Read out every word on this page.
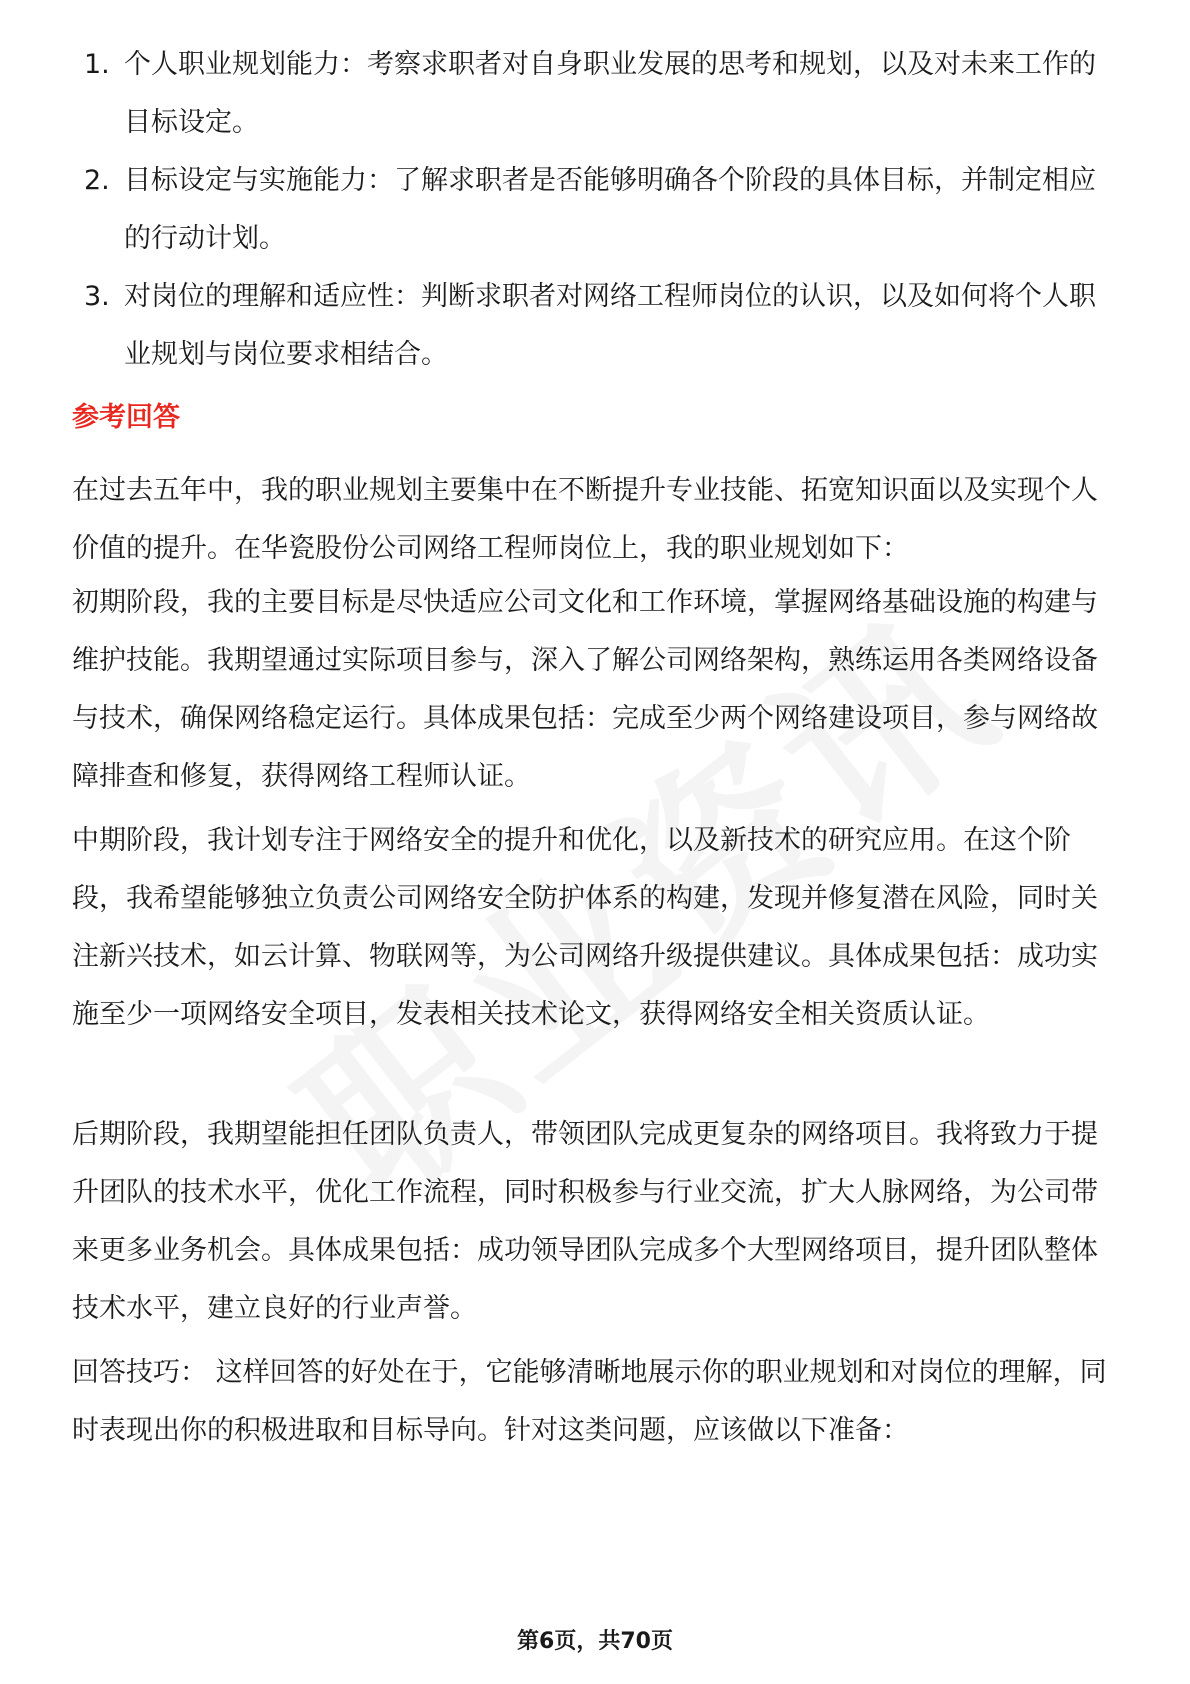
1. 个人职业规划能力：考察求职者对自身职业发展的思考和规划，以及对未来工作的目标设定。
2. 目标设定与实施能力：了解求职者是否能够明确各个阶段的具体目标，并制定相应的行动计划。
3. 对岗位的理解和适应性：判断求职者对网络工程师岗位的认识，以及如何将个人职业规划与岗位要求相结合。
参考回答

在过去五年中，我的职业规划主要集中在不断提升专业技能、拓宽知识面以及实现个人价值的提升。在华瓷股份公司网络工程师岗位上，我的职业规划如下：

初期阶段，我的主要目标是尽快适应公司文化和工作环境，掌握网络基础设施的构建与维护技能。我期望通过实际项目参与，深入了解公司网络架构，熟练运用各类网络设备与技术，确保网络稳定运行。具体成果包括：完成至少两个网络建设项目，参与网络故障排查和修复，获得网络工程师认证。

中期阶段，我计划专注于网络安全的提升和优化，以及新技术的研究应用。在这个阶段，我希望能够独立负责公司网络安全防护体系的构建，发现并修复潜在风险，同时关注新兴技术，如云计算、物联网等，为公司网络升级提供建议。具体成果包括：成功实施至少一项网络安全项目，发表相关技术论文，获得网络安全相关资质认证。

后期阶段，我期望能担任团队负责人，带领团队完成更复杂的网络项目。我将致力于提升团队的技术水平，优化工作流程，同时积极参与行业交流，扩大人脉网络，为公司带来更多业务机会。具体成果包括：成功领导团队完成多个大型网络项目，提升团队整体技术水平，建立良好的行业声誉。

回答技巧： 这样回答的好处在于，它能够清晰地展示你的职业规划和对岗位的理解，同时表现出你的积极进取和目标导向。针对这类问题，应该做以下准备：

第6页，共70页
